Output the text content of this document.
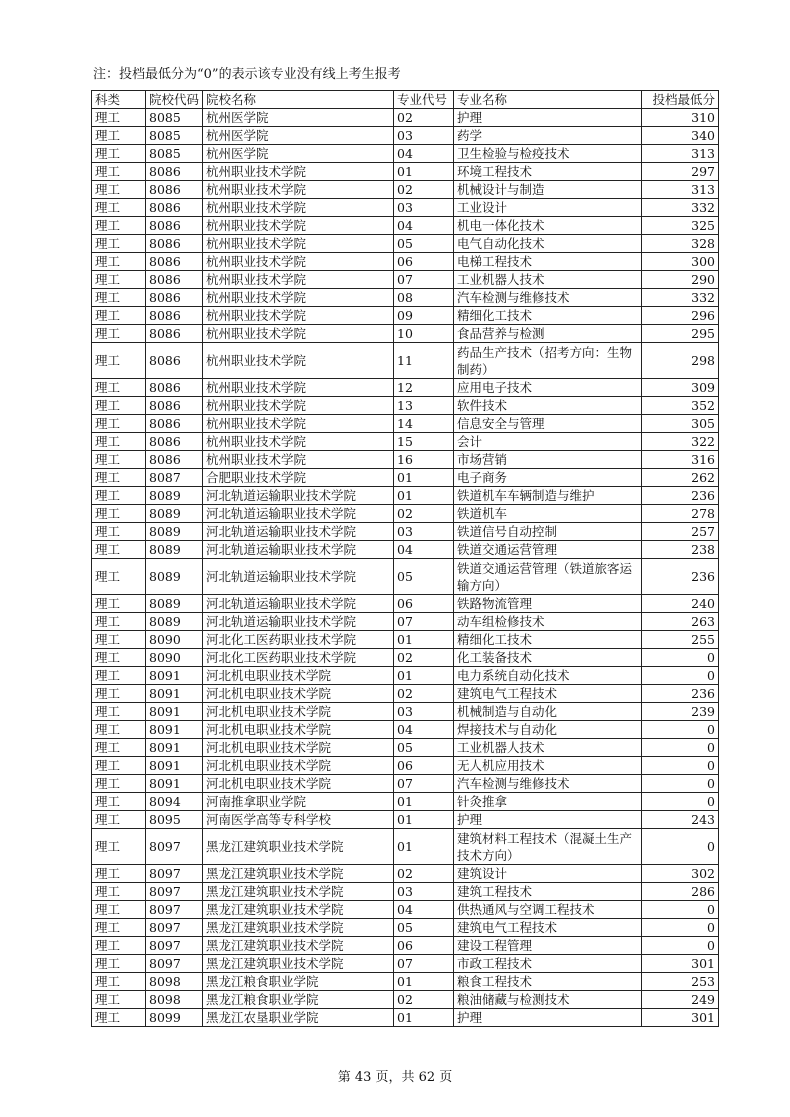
注：投档最低分为“0”的表示该专业没有线上考生报考
科类	院校代码	院校名称	专业代号	专业名称	投档最低分
理工	8085	杭州医学院	02	护理	310
理工	8085	杭州医学院	03	药学	340
理工	8085	杭州医学院	04	卫生检验与检疫技术	313
理工	8086	杭州职业技术学院	01	环境工程技术	297
理工	8086	杭州职业技术学院	02	机械设计与制造	313
理工	8086	杭州职业技术学院	03	工业设计	332
理工	8086	杭州职业技术学院	04	机电一体化技术	325
理工	8086	杭州职业技术学院	05	电气自动化技术	328
理工	8086	杭州职业技术学院	06	电梯工程技术	300
理工	8086	杭州职业技术学院	07	工业机器人技术	290
理工	8086	杭州职业技术学院	08	汽车检测与维修技术	332
理工	8086	杭州职业技术学院	09	精细化工技术	296
理工	8086	杭州职业技术学院	10	食品营养与检测	295
理工	8086	杭州职业技术学院	11	药品生产技术（招考方向：生物制药）	298
理工	8086	杭州职业技术学院	12	应用电子技术	309
理工	8086	杭州职业技术学院	13	软件技术	352
理工	8086	杭州职业技术学院	14	信息安全与管理	305
理工	8086	杭州职业技术学院	15	会计	322
理工	8086	杭州职业技术学院	16	市场营销	316
理工	8087	合肥职业技术学院	01	电子商务	262
理工	8089	河北轨道运输职业技术学院	01	铁道机车车辆制造与维护	236
理工	8089	河北轨道运输职业技术学院	02	铁道机车	278
理工	8089	河北轨道运输职业技术学院	03	铁道信号自动控制	257
理工	8089	河北轨道运输职业技术学院	04	铁道交通运营管理	238
理工	8089	河北轨道运输职业技术学院	05	铁道交通运营管理（铁道旅客运输方向）	236
理工	8089	河北轨道运输职业技术学院	06	铁路物流管理	240
理工	8089	河北轨道运输职业技术学院	07	动车组检修技术	263
理工	8090	河北化工医药职业技术学院	01	精细化工技术	255
理工	8090	河北化工医药职业技术学院	02	化工装备技术	0
理工	8091	河北机电职业技术学院	01	电力系统自动化技术	0
理工	8091	河北机电职业技术学院	02	建筑电气工程技术	236
理工	8091	河北机电职业技术学院	03	机械制造与自动化	239
理工	8091	河北机电职业技术学院	04	焊接技术与自动化	0
理工	8091	河北机电职业技术学院	05	工业机器人技术	0
理工	8091	河北机电职业技术学院	06	无人机应用技术	0
理工	8091	河北机电职业技术学院	07	汽车检测与维修技术	0
理工	8094	河南推拿职业学院	01	针灸推拿	0
理工	8095	河南医学高等专科学校	01	护理	243
理工	8097	黑龙江建筑职业技术学院	01	建筑材料工程技术（混凝土生产技术方向）	0
理工	8097	黑龙江建筑职业技术学院	02	建筑设计	302
理工	8097	黑龙江建筑职业技术学院	03	建筑工程技术	286
理工	8097	黑龙江建筑职业技术学院	04	供热通风与空调工程技术	0
理工	8097	黑龙江建筑职业技术学院	05	建筑电气工程技术	0
理工	8097	黑龙江建筑职业技术学院	06	建设工程管理	0
理工	8097	黑龙江建筑职业技术学院	07	市政工程技术	301
理工	8098	黑龙江粮食职业学院	01	粮食工程技术	253
理工	8098	黑龙江粮食职业学院	02	粮油储藏与检测技术	249
理工	8099	黑龙江农垦职业学院	01	护理	301
第 43 页，共 62 页
